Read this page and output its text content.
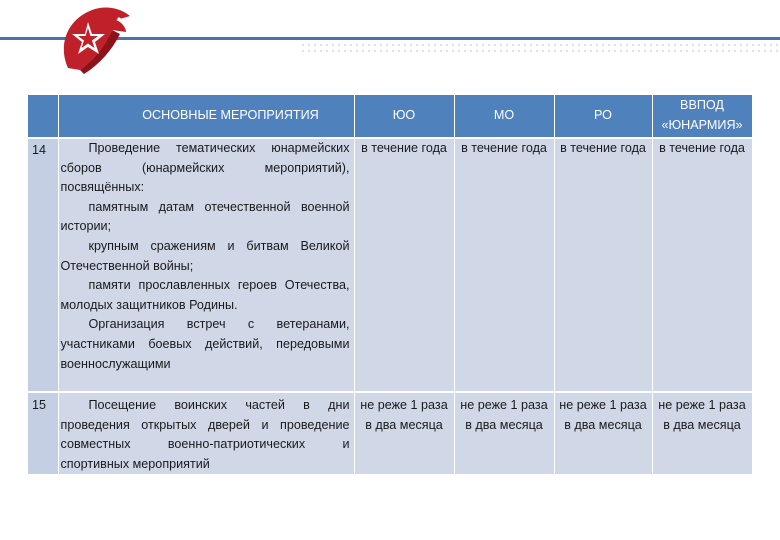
Юнармейский-ru
	ОСНОВНЫЕ МЕРОПРИЯТИЯ	ЮО	МО	РО	ВВПОД «ЮНАРМИЯ»
14	Проведение тематических юнармейских сборов (юнармейских мероприятий), посвящённых:
памятным датам отечественной военной истории;
крупным сражениям и битвам Великой Отечественной войны;
памяти прославленных героев Отечества, молодых защитников Родины.
Организация встреч с ветеранами, участниками боевых действий, передовыми военнослужащими	в течение года	в течение года	в течение года	в течение года
15	Посещение воинских частей в дни проведения открытых дверей и проведение совместных военно-патриотических и спортивных мероприятий	не реже 1 раза в два месяца	не реже 1 раза в два месяца	не реже 1 раза в два месяца	не реже 1 раза в два месяца
